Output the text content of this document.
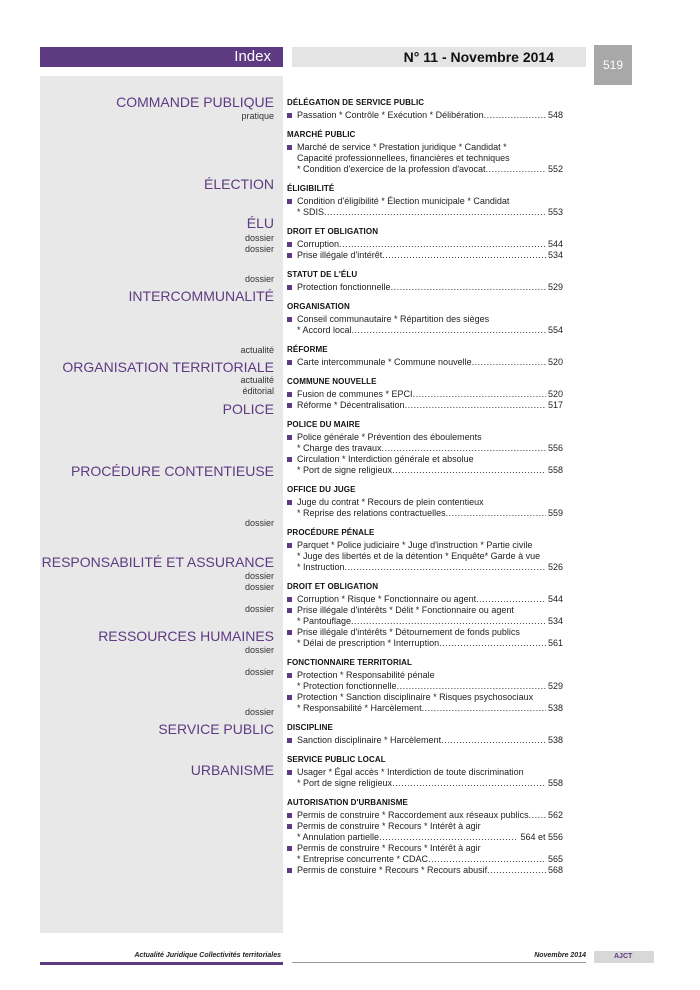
Index	N° 11 - Novembre 2014	519
COMMANDE PUBLIQUE
pratique
ÉLECTION
ÉLU
dossier
dossier
dossier
INTERCOMMUNALITÉ
actualité
ORGANISATION TERRITORIALE
actualité
éditorial
POLICE
PROCÉDURE CONTENTIEUSE
dossier
RESPONSABILITÉ ET ASSURANCE
dossier
dossier
dossier
RESSOURCES HUMAINES
dossier
dossier
dossier
SERVICE PUBLIC
URBANISME
DÉLÉGATION DE SERVICE PUBLIC
Passation * Contrôle * Exécution * Délibération .....	548
MARCHÉ PUBLIC
Marché de service * Prestation juridique * Candidat *
Capacité professionnellees, financières et techniques
* Condition d'exercice de la profession d'avocat .....	552
ÉLIGIBILITÉ
Condition d'éligibilité * Élection municipale * Candidat
* SDIS .....	553
DROIT ET OBLIGATION
Corruption .....	544
Prise illégale d'intérêt .....	534
STATUT DE L'ÉLU
Protection fonctionnelle .....	529
ORGANISATION
Conseil communautaire * Répartition des sièges
* Accord local .....	554
RÉFORME
Carte intercommunale * Commune nouvelle .....	520
COMMUNE NOUVELLE
Fusion de communes * EPCI .....	520
Réforme * Décentralisation .....	517
POLICE DU MAIRE
Police générale * Prévention des éboulements
* Charge des travaux .....	556
Circulation * Interdiction générale et absolue
* Port de signe religieux .....	558
OFFICE DU JUGE
Juge du contrat * Recours de plein contentieux
* Reprise des relations contractuelles .....	559
PROCÉDURE PÉNALE
Parquet * Police judiciaire * Juge d'instruction * Partie civile
* Juge des libertés et de la détention * Enquête* Garde à vue
* Instruction .....	526
DROIT ET OBLIGATION
Corruption * Risque * Fonctionnaire ou agent .....	544
Prise illégale d'intérêts * Délit * Fonctionnaire ou agent
* Pantouflage .....	534
Prise illégale d'intérêts * Détournement de fonds publics
* Délai de prescription * Interruption .....	561
FONCTIONNAIRE TERRITORIAL
Protection * Responsabilité pénale
* Protection fonctionnelle .....	529
Protection * Sanction disciplinaire * Risques psychosociaux
* Responsabilité * Harcèlement .....	538
DISCIPLINE
Sanction disciplinaire * Harcèlement .....	538
SERVICE PUBLIC LOCAL
Usager * Égal accès * Interdiction de toute discrimination
* Port de signe religieux .....	558
AUTORISATION D'URBANISME
Permis de construire * Raccordement aux réseaux publics ..... 562
Permis de construire * Recours * Intérêt à agir
* Annulation partielle .....	564 et 556
Permis de construire * Recours * Intérêt à agir
* Entreprise concurrente * CDAC .....	565
Permis de constuire * Recours * Recours abusif .....	568
Actualité Juridique Collectivités territoriales	Novembre 2014	AJCT
